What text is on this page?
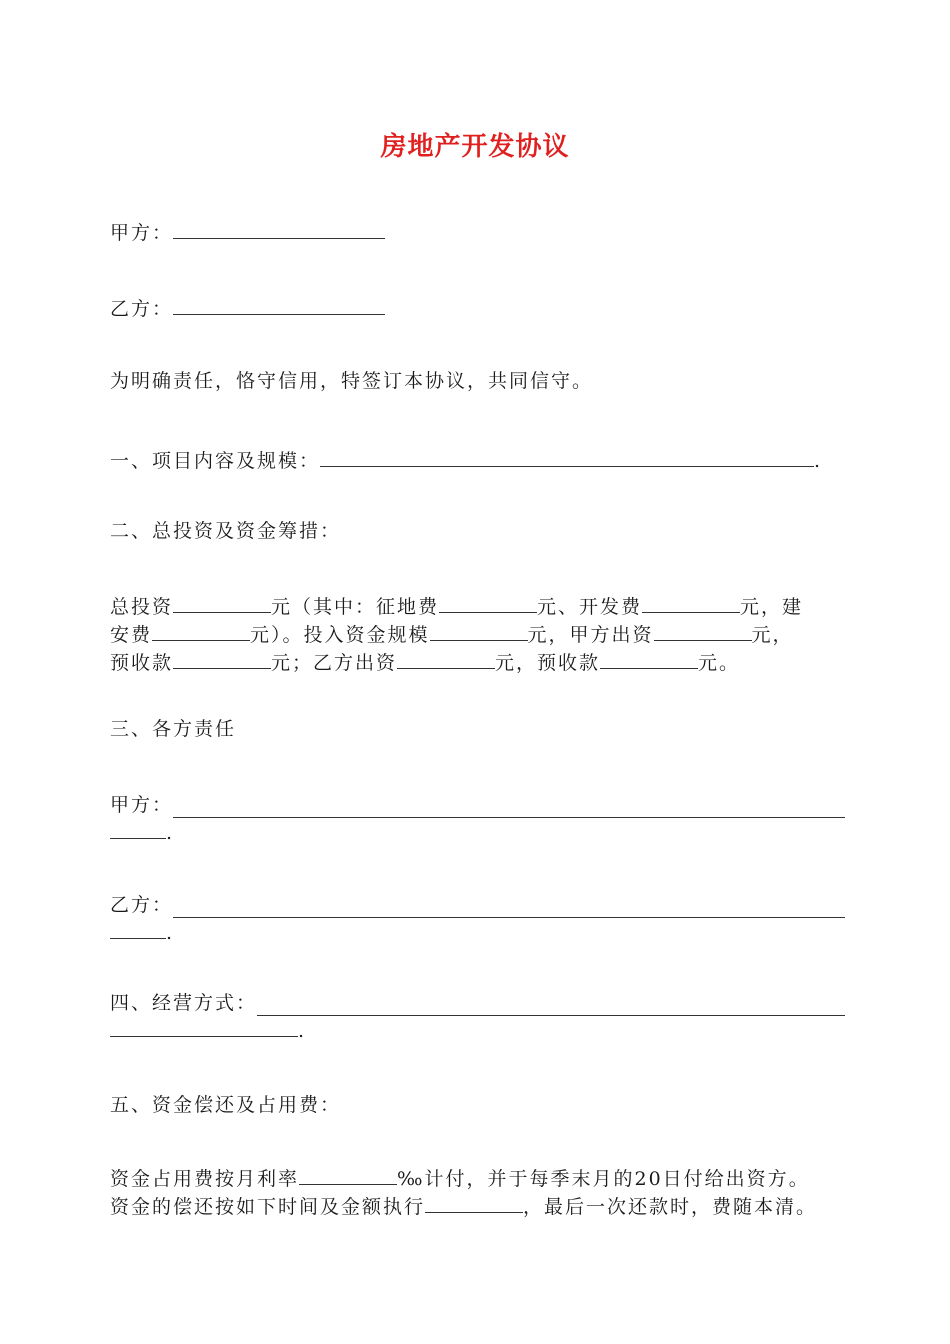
房地产开发协议
甲方：
乙方：
为明确责任，恪守信用，特签订本协议，共同信守。
一、项目内容及规模：	.
二、总投资及资金筹措：
总投资	元（其中：征地费	元、开发费	元，建
安费	元）。投入资金规模	元，甲方出资	元，
预收款	元；乙方出资	元，预收款	元。
三、各方责任
甲方：
.
乙方：
.
四、经营方式：
.
五、资金偿还及占用费：
资金占用费按月利率	‰计付，并于每季末月的20日付给出资方。
资金的偿还按如下时间及金额执行	，最后一次还款时，费随本清。
